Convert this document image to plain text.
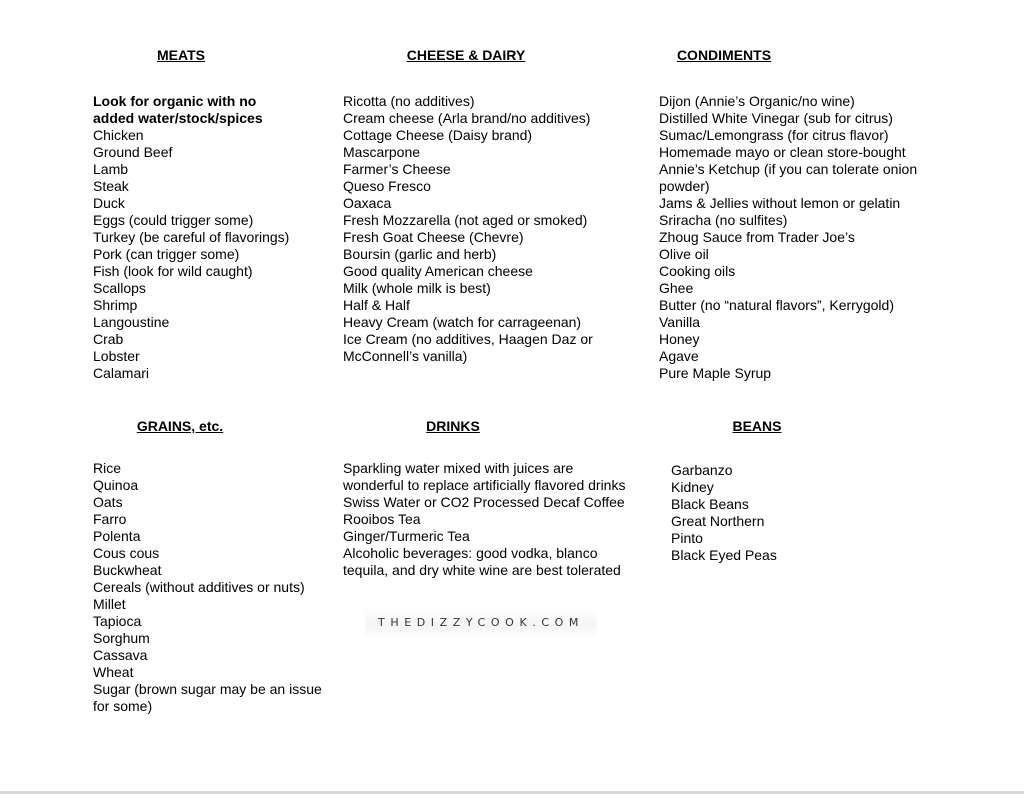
MEATS	CHEESE & DAIRY	CONDIMENTS
GRAINS, etc.	DRINKS	BEANS
Look for organic with no
added water/stock/spices
Chicken
Ground Beef
Lamb
Steak
Duck
Eggs (could trigger some)
Turkey (be careful of flavorings)
Pork (can trigger some)
Fish (look for wild caught)
Scallops
Shrimp
Langoustine
Crab
Lobster
Calamari
Ricotta (no additives)
Cream cheese (Arla brand/no additives)
Cottage Cheese (Daisy brand)
Mascarpone
Farmer’s Cheese
Queso Fresco
Oaxaca
Fresh Mozzarella (not aged or smoked)
Fresh Goat Cheese (Chevre)
Boursin (garlic and herb)
Good quality American cheese
Milk (whole milk is best)
Half & Half
Heavy Cream (watch for carrageenan)
Ice Cream (no additives, Haagen Daz or
McConnell’s vanilla)
Dijon (Annie’s Organic/no wine)
Distilled White Vinegar (sub for citrus)
Sumac/Lemongrass (for citrus flavor)
Homemade mayo or clean store-bought
Annie’s Ketchup (if you can tolerate onion
powder)
Jams & Jellies without lemon or gelatin
Sriracha (no sulfites)
Zhoug Sauce from Trader Joe’s
Olive oil
Cooking oils
Ghee
Butter (no “natural flavors”, Kerrygold)
Vanilla
Honey
Agave
Pure Maple Syrup
Rice
Quinoa
Oats
Farro
Polenta
Cous cous
Buckwheat
Cereals (without additives or nuts)
Millet
Tapioca
Sorghum
Cassava
Wheat
Sugar (brown sugar may be an issue
for some)
Sparkling water mixed with juices are
wonderful to replace artificially flavored drinks
Swiss Water or CO2 Processed Decaf Coffee
Rooibos Tea
Ginger/Turmeric Tea
Alcoholic beverages: good vodka, blanco
tequila, and dry white wine are best tolerated
Garbanzo
Kidney
Black Beans
Great Northern
Pinto
Black Eyed Peas
THEDIZZYCOOK.COM
